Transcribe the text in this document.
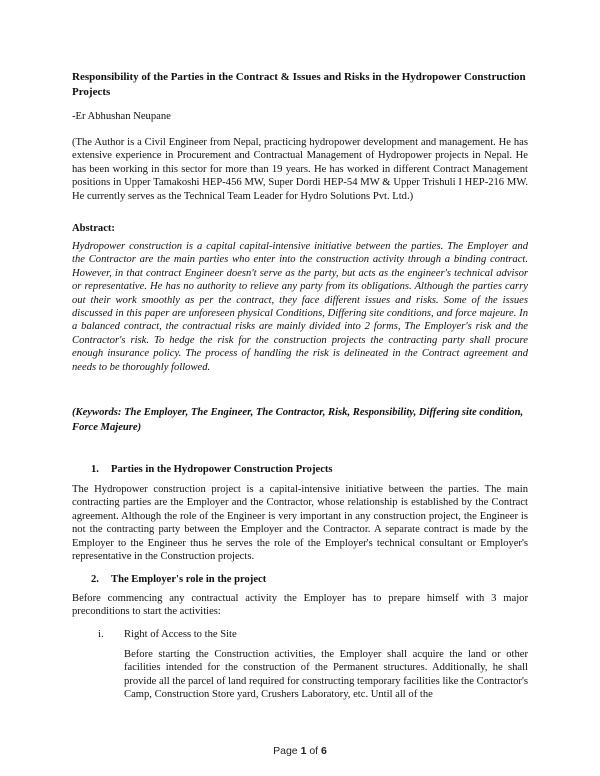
Responsibility of the Parties in the Contract & Issues and Risks in the Hydropower Construction Projects
-Er Abhushan Neupane
(The Author is a Civil Engineer from Nepal, practicing hydropower development and management. He has extensive experience in Procurement and Contractual Management of Hydropower projects in Nepal. He has been working in this sector for more than 19 years. He has worked in different Contract Management positions in Upper Tamakoshi HEP-456 MW, Super Dordi HEP-54 MW & Upper Trishuli I HEP-216 MW. He currently serves as the Technical Team Leader for Hydro Solutions Pvt. Ltd.)
Abstract:
Hydropower construction is a capital capital-intensive initiative between the parties. The Employer and the Contractor are the main parties who enter into the construction activity through a binding contract. However, in that contract Engineer doesn't serve as the party, but acts as the engineer's technical advisor or representative. He has no authority to relieve any party from its obligations. Although the parties carry out their work smoothly as per the contract, they face different issues and risks. Some of the issues discussed in this paper are unforeseen physical Conditions, Differing site conditions, and force majeure. In a balanced contract, the contractual risks are mainly divided into 2 forms, The Employer's risk and the Contractor's risk. To hedge the risk for the construction projects the contracting party shall procure enough insurance policy. The process of handling the risk is delineated in the Contract agreement and needs to be thoroughly followed.
(Keywords: The Employer, The Engineer, The Contractor, Risk, Responsibility, Differing site condition, Force Majeure)
1. Parties in the Hydropower Construction Projects
The Hydropower construction project is a capital-intensive initiative between the parties. The main contracting parties are the Employer and the Contractor, whose relationship is established by the Contract agreement. Although the role of the Engineer is very important in any construction project, the Engineer is not the contracting party between the Employer and the Contractor. A separate contract is made by the Employer to the Engineer thus he serves the role of the Employer's technical consultant or Employer's representative in the Construction projects.
2. The Employer's role in the project
Before commencing any contractual activity the Employer has to prepare himself with 3 major preconditions to start the activities:
i. Right of Access to the Site
Before starting the Construction activities, the Employer shall acquire the land or other facilities intended for the construction of the Permanent structures. Additionally, he shall provide all the parcel of land required for constructing temporary facilities like the Contractor's Camp, Construction Store yard, Crushers Laboratory, etc. Until all of the
Page 1 of 6
